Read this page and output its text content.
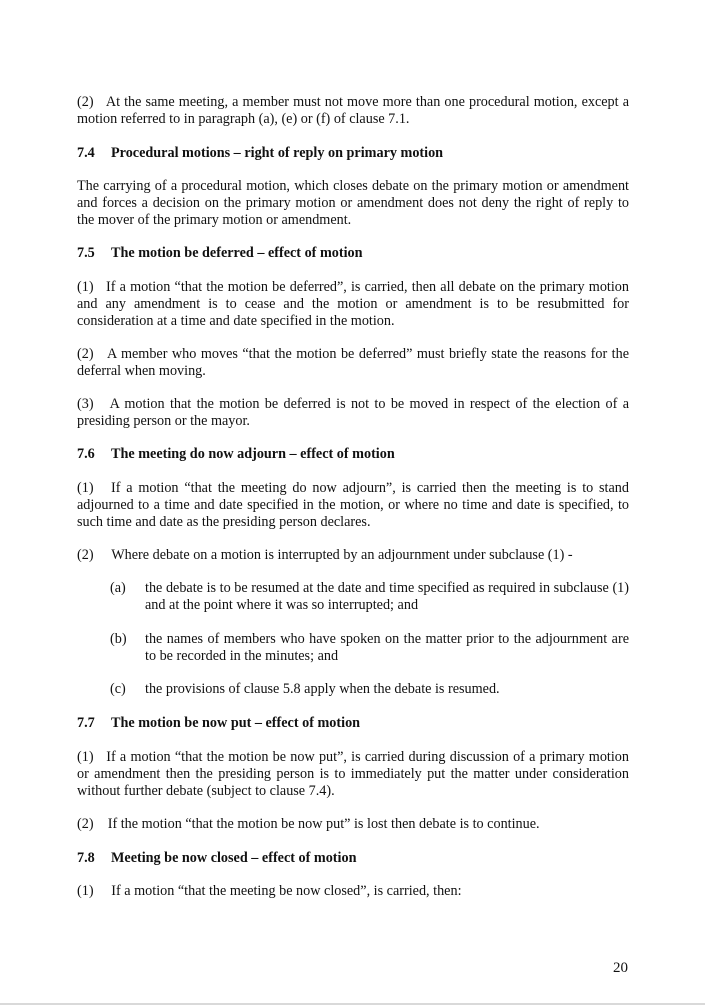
(2)   At the same meeting, a member must not move more than one procedural motion, except a motion referred to in paragraph (a), (e) or (f) of clause 7.1.

7.4 Procedural motions – right of reply on primary motion

The carrying of a procedural motion, which closes debate on the primary motion or amendment and forces a decision on the primary motion or amendment does not deny the right of reply to the mover of the primary motion or amendment.

7.5 The motion be deferred – effect of motion

(1)   If a motion “that the motion be deferred”, is carried, then all debate on the primary motion and any amendment is to cease and the motion or amendment is to be resubmitted for consideration at a time and date specified in the motion.

(2)   A member who moves “that the motion be deferred” must briefly state the reasons for the deferral when moving.

(3)   A motion that the motion be deferred is not to be moved in respect of the election of a presiding person or the mayor.

7.6 The meeting do now adjourn – effect of motion

(1)   If a motion “that the meeting do now adjourn”, is carried then the meeting is to stand adjourned to a time and date specified in the motion, or where no time and date is specified, to such time and date as the presiding person declares.

(2)     Where debate on a motion is interrupted by an adjournment under subclause (1) -

(a) the debate is to be resumed at the date and time specified as required in subclause (1) and at the point where it was so interrupted; and
(b) the names of members who have spoken on the matter prior to the adjournment are to be recorded in the minutes; and
(c) the provisions of clause 5.8 apply when the debate is resumed.

7.7 The motion be now put – effect of motion

(1)   If a motion “that the motion be now put”, is carried during discussion of a primary motion or amendment then the presiding person is to immediately put the matter under consideration without further debate (subject to clause 7.4).

(2)    If the motion “that the motion be now put” is lost then debate is to continue.

7.8 Meeting be now closed – effect of motion

(1)     If a motion “that the meeting be now closed”, is carried, then:

20
